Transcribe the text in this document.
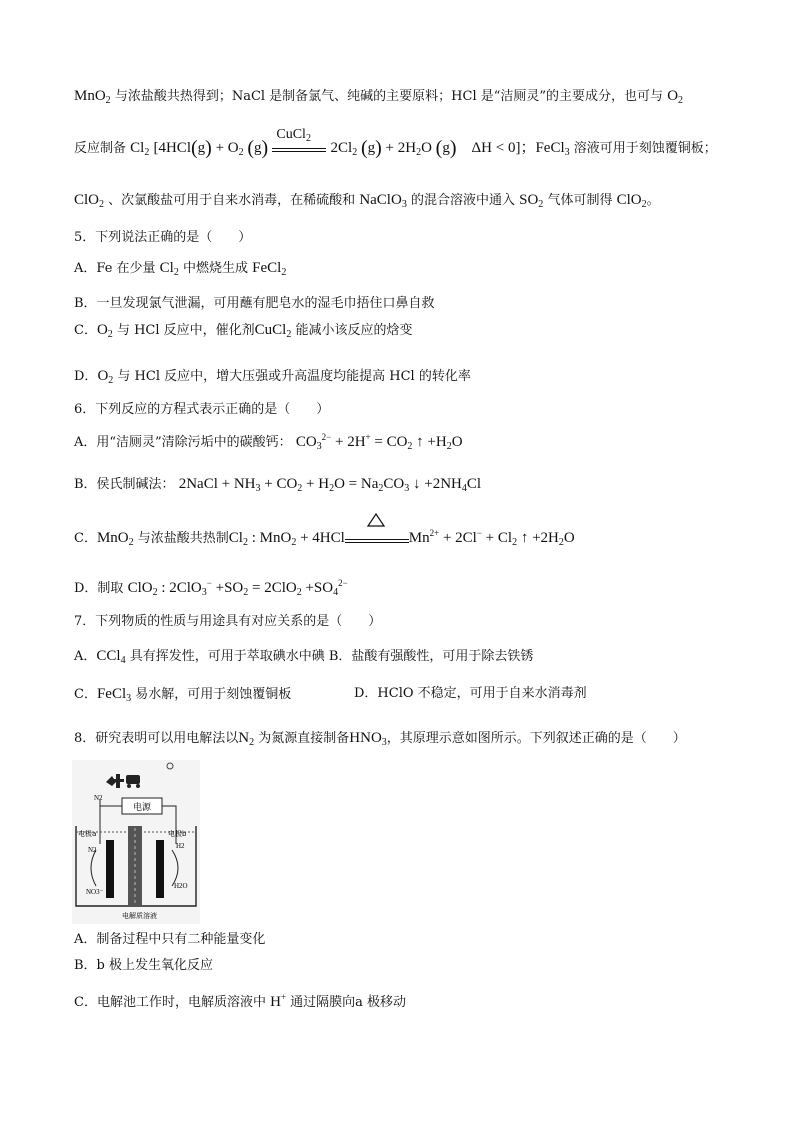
MnO$_2$ 与浓盐酸共热得到；NaCl 是制备氯气、纯碱的主要原料；HCl 是“洁厕灵”的主要成分，也可与 $O_2$
反应制备 $Cl_2$ [$4HCl(g) + O_2$ (g)
CuCl$_2$
$2Cl_2$ $(g) + 2H_2O$ (g) ΔH < 0]；FeCl$_3$ 溶液可用于刻蚀覆铜板；
ClO$_2$ 、次氯酸盐可用于自来水消毒，在稀硫酸和 NaClO$_3$ 的混合溶液中通入 $SO_2$ 气体可制得 ClO$_2$。
5．下列说法正确的是（　　）
A．Fe 在少量 $Cl_2$ 中燃烧生成 FeCl$_2$
B．一旦发现氯气泄漏，可用蘸有肥皂水的湿毛巾捂住口鼻自救
C．$O_2$ 与 HCl 反应中，催化剂CuCl$_2$ 能减小该反应的焓变
D．$O_2$ 与 HCl 反应中，增大压强或升高温度均能提高 HCl 的转化率
6．下列反应的方程式表示正确的是（　　）
A．用“洁厕灵”清除污垢中的碳酸钙： $CO_3^{2-} + 2H^+ = CO_2$ ↑ $+H_2O$
B．侯氏制碱法： 2NaCl + $NH_3 + CO_2 + H_2O = Na_2CO_3$ ↓ $+2NH_4Cl$
C．MnO$_2$ 与浓盐酸共热制$Cl_2$ : MnO$_2$ + 4HCl	$Mn^{2+} + 2Cl^- + Cl_2$ ↑ $+2H_2O$
D．制取 ClO$_2$ : $2ClO_3^- +SO_2 = 2ClO_2 +SO_4^{2-}$
7．下列物质的性质与用途具有对应关系的是（　　）
A．CCl$_4$ 具有挥发性，可用于萃取碘水中碘 B．盐酸有强酸性，可用于除去铁锈
C．FeCl$_3$ 易水解，可用于刻蚀覆铜板	D．HClO 不稳定，可用于自来水消毒剂
8．研究表明可以用电解法以$N_2$ 为氮源直接制备$HNO_3$，其原理示意如图所示。下列叙述正确的是（　　）
电源
电极a	电极b
N2
N2	H2
NO3⁻
H2O
电解质溶液
A．制备过程中只有二种能量变化
B．b 极上发生氧化反应
C．电解池工作时，电解质溶液中 H+ 通过隔膜向a 极移动
